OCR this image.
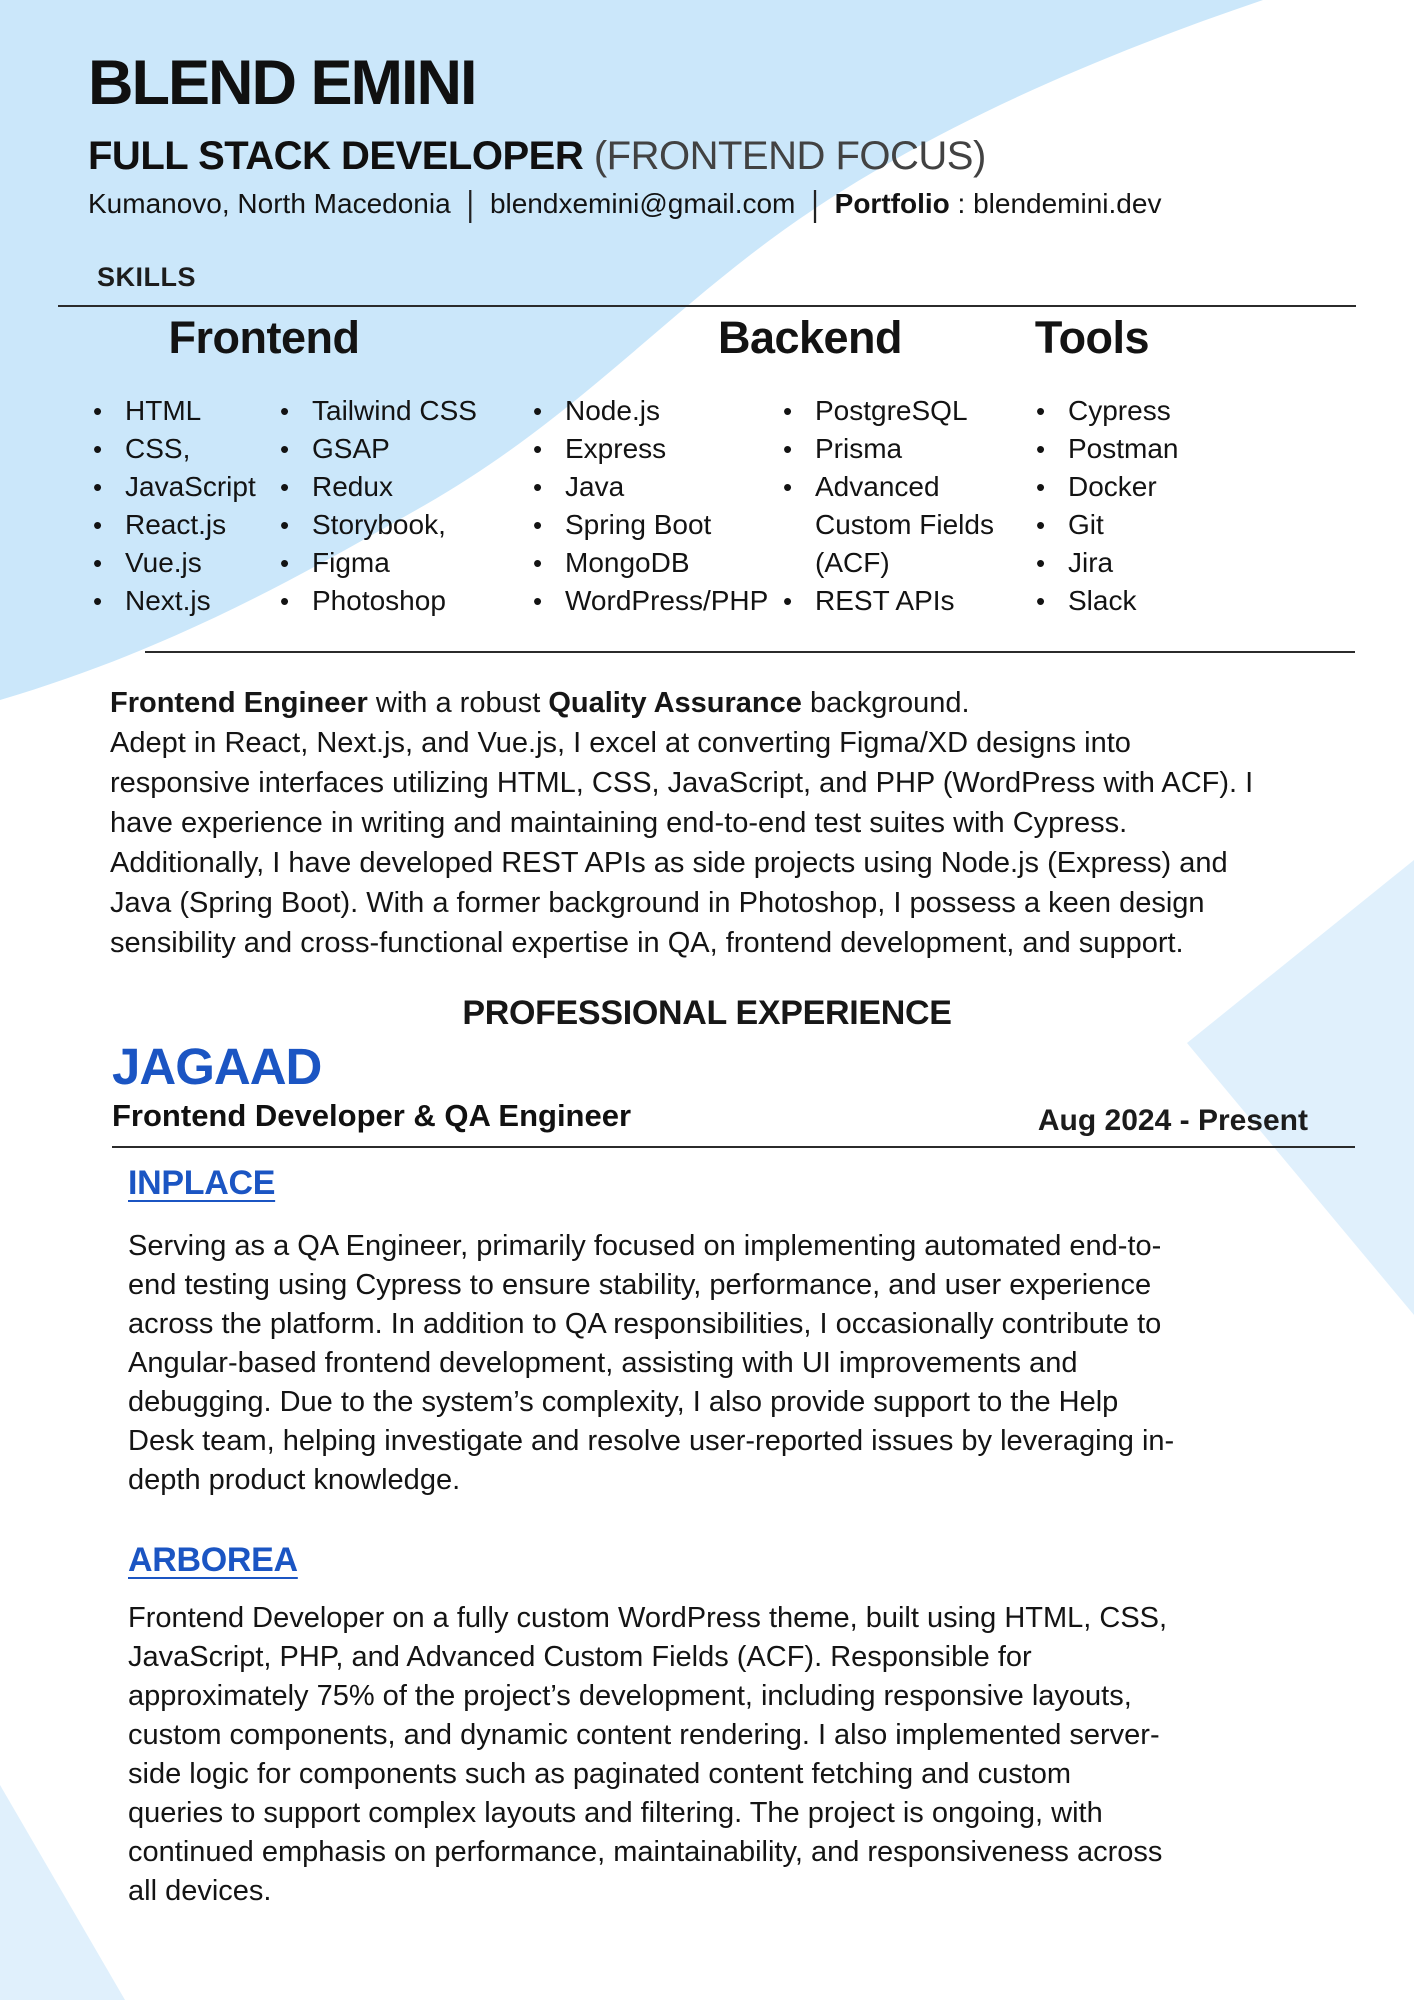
BLEND EMINI
FULL STACK DEVELOPER (FRONTEND FOCUS)
Kumanovo, North Macedonia | blendxemini@gmail.com | Portfolio : blendemini.dev
SKILLS
Frontend	Backend	Tools
• HTML
• CSS,
• JavaScript
• React.js
• Vue.js
• Next.js
• Tailwind CSS
• GSAP
• Redux
• Storybook,
• Figma
• Photoshop
• Node.js
• Express
• Java
• Spring Boot
• MongoDB
• WordPress/PHP
• PostgreSQL
• Prisma
• Advanced
Custom Fields
(ACF)
• REST APIs
• Cypress
• Postman
• Docker
• Git
• Jira
• Slack
Frontend Engineer with a robust Quality Assurance background.
Adept in React, Next.js, and Vue.js, I excel at converting Figma/XD designs into
responsive interfaces utilizing HTML, CSS, JavaScript, and PHP (WordPress with ACF). I
have experience in writing and maintaining end-to-end test suites with Cypress.
Additionally, I have developed REST APIs as side projects using Node.js (Express) and
Java (Spring Boot). With a former background in Photoshop, I possess a keen design
sensibility and cross-functional expertise in QA, frontend development, and support.
PROFESSIONAL EXPERIENCE
JAGAAD
Frontend Developer & QA Engineer	Aug 2024 - Present
INPLACE
Serving as a QA Engineer, primarily focused on implementing automated end-to-
end testing using Cypress to ensure stability, performance, and user experience
across the platform. In addition to QA responsibilities, I occasionally contribute to
Angular-based frontend development, assisting with UI improvements and
debugging. Due to the system’s complexity, I also provide support to the Help
Desk team, helping investigate and resolve user-reported issues by leveraging in-
depth product knowledge.
ARBOREA
Frontend Developer on a fully custom WordPress theme, built using HTML, CSS,
JavaScript, PHP, and Advanced Custom Fields (ACF). Responsible for
approximately 75% of the project’s development, including responsive layouts,
custom components, and dynamic content rendering. I also implemented server-
side logic for components such as paginated content fetching and custom
queries to support complex layouts and filtering. The project is ongoing, with
continued emphasis on performance, maintainability, and responsiveness across
all devices.
